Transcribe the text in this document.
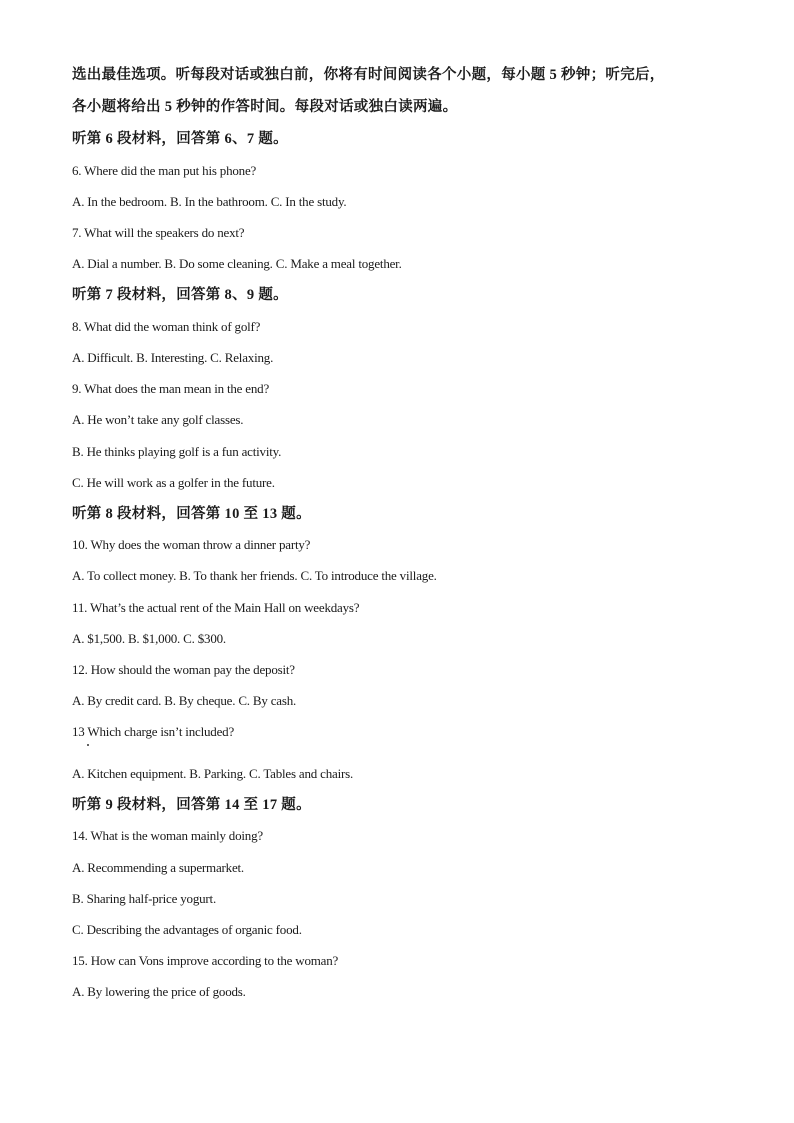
选出最佳选项。听每段对话或独白前，你将有时间阅读各个小题，每小题 5 秒钟；听完后，
各小题将给出 5 秒钟的作答时间。每段对话或独白读两遍。
听第 6 段材料，回答第 6、7 题。
6. Where did the man put his phone?
A. In the bedroom. B. In the bathroom. C. In the study.
7. What will the speakers do next?
A. Dial a number. B. Do some cleaning. C. Make a meal together.
听第 7 段材料，回答第 8、9 题。
8. What did the woman think of golf?
A. Difficult. B. Interesting. C. Relaxing.
9. What does the man mean in the end?
A. He won’t take any golf classes.
B. He thinks playing golf is a fun activity.
C. He will work as a golfer in the future.
听第 8 段材料，回答第 10 至 13 题。
10. Why does the woman throw a dinner party?
A. To collect money. B. To thank her friends. C. To introduce the village.
11. What’s the actual rent of the Main Hall on weekdays?
A. $1,500. B. $1,000. C. $300.
12. How should the woman pay the deposit?
A. By credit card. B. By cheque. C. By cash.
13 Which charge isn’t included?
A. Kitchen equipment. B. Parking. C. Tables and chairs.
听第 9 段材料，回答第 14 至 17 题。
14. What is the woman mainly doing?
A. Recommending a supermarket.
B. Sharing half-price yogurt.
C. Describing the advantages of organic food.
15. How can Vons improve according to the woman?
A. By lowering the price of goods.
